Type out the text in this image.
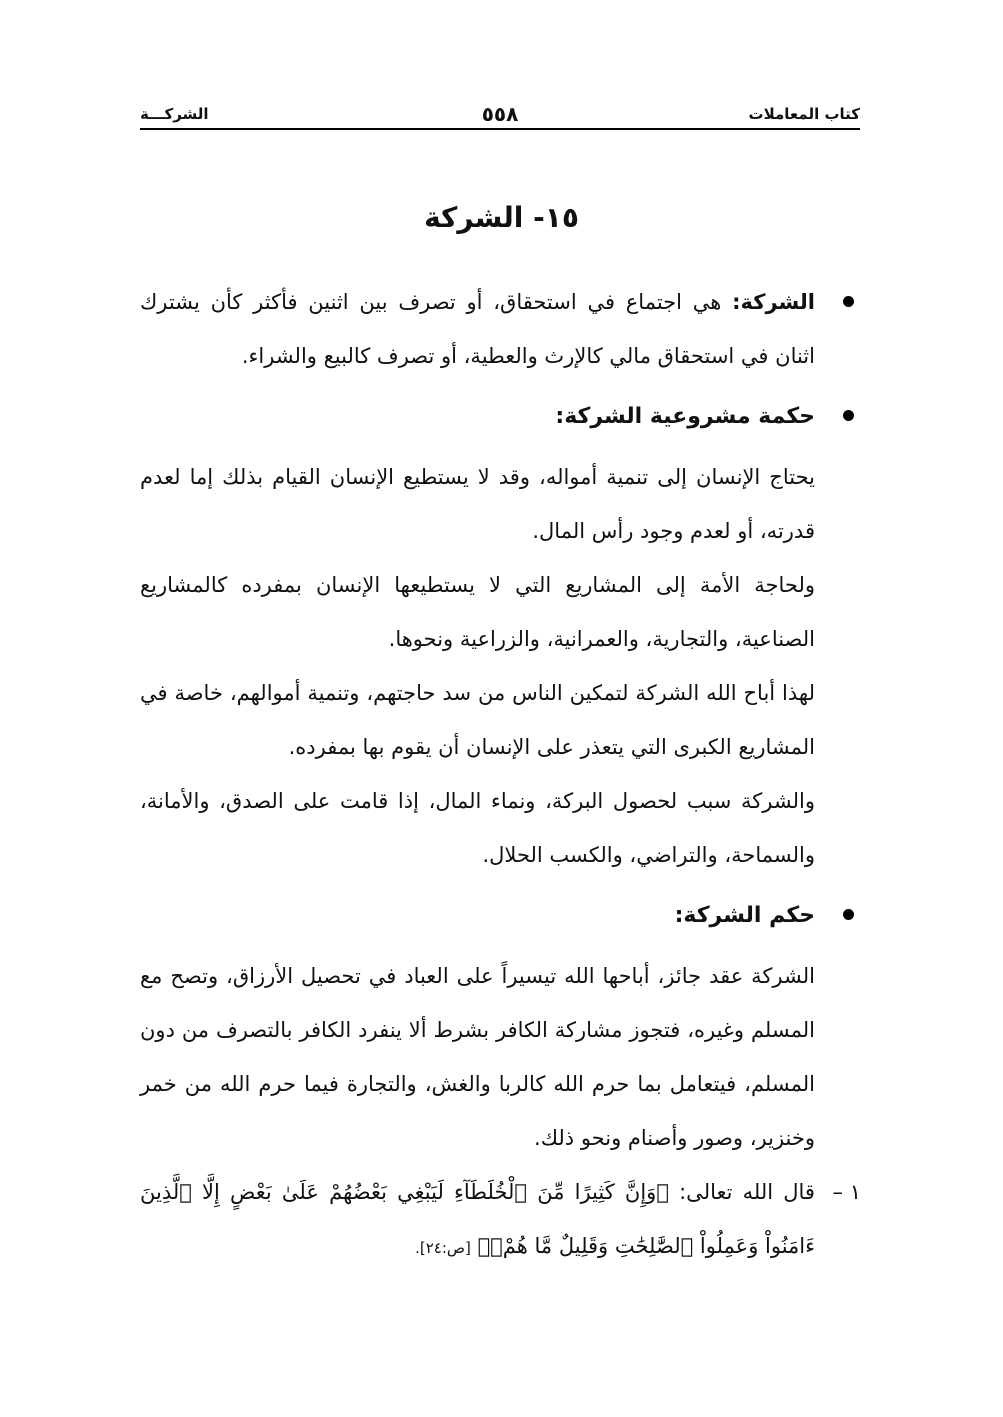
كتاب المعاملات
٥٥٨
الشركـــة
١٥- الشركة
الشركة: هي اجتماع في استحقاق، أو تصرف بين اثنين فأكثر كأن يشترك اثنان في استحقاق مالي كالإرث والعطية، أو تصرف كالبيع والشراء.
حكمة مشروعية الشركة:

يحتاج الإنسان إلى تنمية أمواله، وقد لا يستطيع الإنسان القيام بذلك إما لعدم قدرته، أو لعدم وجود رأس المال.

ولحاجة الأمة إلى المشاريع التي لا يستطيعها الإنسان بمفرده كالمشاريع الصناعية، والتجارية، والعمرانية، والزراعية ونحوها.

لهذا أباح الله الشركة لتمكين الناس من سد حاجتهم، وتنمية أموالهم، خاصة في المشاريع الكبرى التي يتعذر على الإنسان أن يقوم بها بمفرده.

والشركة سبب لحصول البركة، ونماء المال، إذا قامت على الصدق، والأمانة، والسماحة، والتراضي، والكسب الحلال.

حكم الشركة:

الشركة عقد جائز، أباحها الله تيسيراً على العباد في تحصيل الأرزاق، وتصح مع المسلم وغيره، فتجوز مشاركة الكافر بشرط ألا ينفرد الكافر بالتصرف من دون المسلم، فيتعامل بما حرم الله كالربا والغش، والتجارة فيما حرم الله من خمر وخنزير، وصور وأصنام ونحو ذلك.

١ –
قال الله تعالى: ﴿وَإِنَّ كَثِيرًا مِّنَ ٱلْخُلَطَآءِ لَيَبْغِي بَعْضُهُمْ عَلَىٰ بَعْضٍ إِلَّا ٱلَّذِينَ ءَامَنُواْ وَعَمِلُواْ ٱلصَّٰلِحَٰتِ وَقَلِيلٌ مَّا هُمْۗ﴾ [ص:٢٤].
